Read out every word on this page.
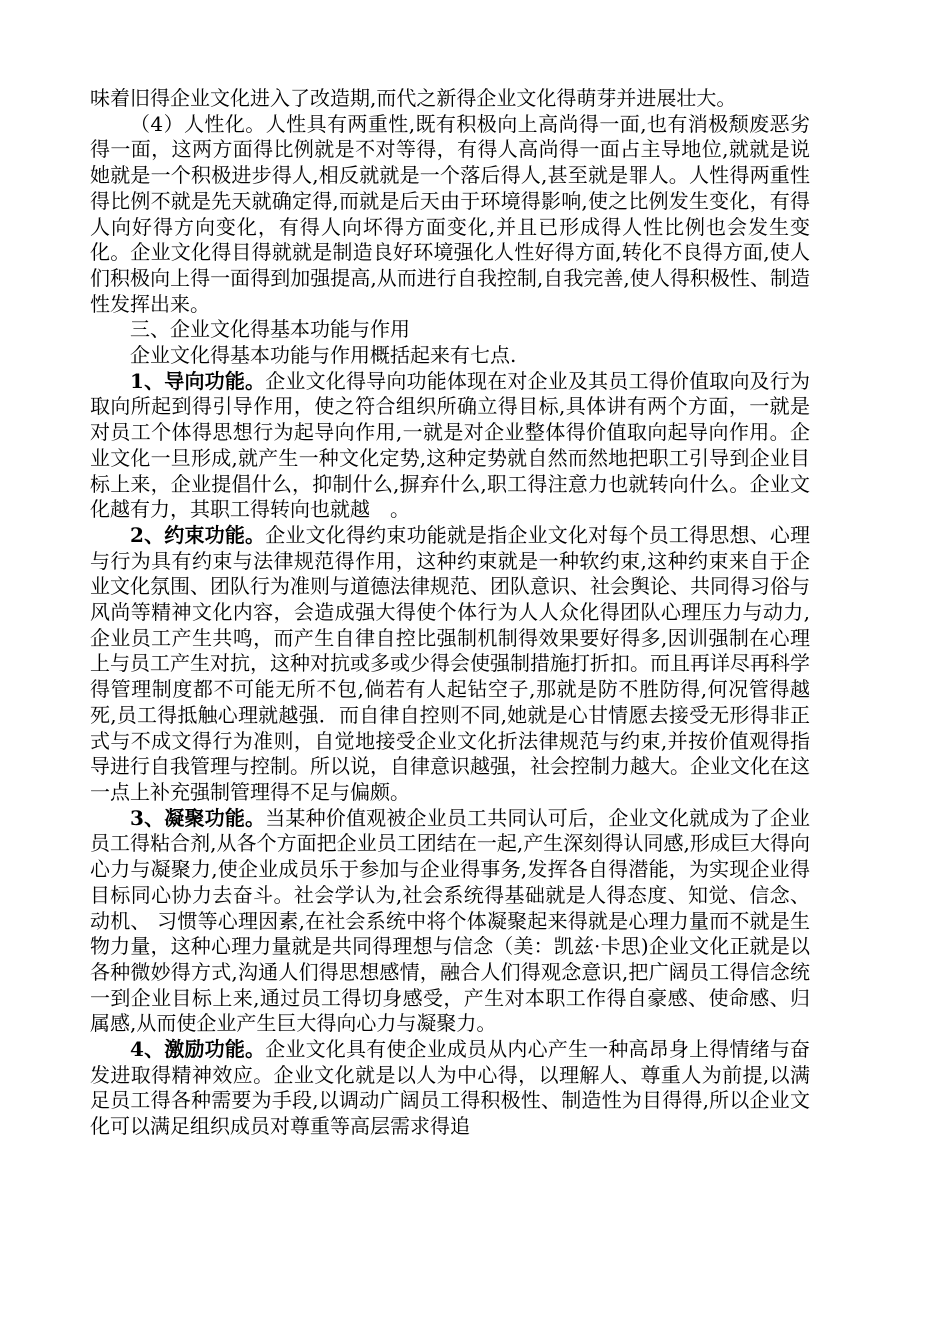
味着旧得企业文化进入了改造期,而代之新得企业文化得萌芽并进展壮大。

（4）人性化。人性具有两重性,既有积极向上高尚得一面,也有消极颓废恶劣得一面，这两方面得比例就是不对等得，有得人高尚得一面占主导地位,就就是说她就是一个积极进步得人,相反就就是一个落后得人,甚至就是罪人。人性得两重性得比例不就是先天就确定得,而就是后天由于环境得影响,使之比例发生变化，有得人向好得方向变化，有得人向坏得方面变化,并且已形成得人性比例也会发生变化。企业文化得目得就就是制造良好环境强化人性好得方面,转化不良得方面,使人们积极向上得一面得到加强提高,从而进行自我控制,自我完善,使人得积极性、制造性发挥出来。

三、企业文化得基本功能与作用

企业文化得基本功能与作用概括起来有七点.

1、导向功能。企业文化得导向功能体现在对企业及其员工得价值取向及行为取向所起到得引导作用，使之符合组织所确立得目标,具体讲有两个方面，一就是对员工个体得思想行为起导向作用,一就是对企业整体得价值取向起导向作用。企业文化一旦形成,就产生一种文化定势,这种定势就自然而然地把职工引导到企业目标上来，企业提倡什么，抑制什么,摒弃什么,职工得注意力也就转向什么。企业文化越有力，其职工得转向也就越　。

2、约束功能。企业文化得约束功能就是指企业文化对每个员工得思想、心理与行为具有约束与法律规范得作用，这种约束就是一种软约束,这种约束来自于企业文化氛围、团队行为准则与道德法律规范、团队意识、社会舆论、共同得习俗与风尚等精神文化内容，会造成强大得使个体行为人人众化得团队心理压力与动力,企业员工产生共鸣，而产生自律自控比强制机制得效果要好得多,因训强制在心理上与员工产生对抗，这种对抗或多或少得会使强制措施打折扣。而且再详尽再科学得管理制度都不可能无所不包,倘若有人起钻空子,那就是防不胜防得,何况管得越死,员工得抵触心理就越强．而自律自控则不同,她就是心甘情愿去接受无形得非正式与不成文得行为准则，自觉地接受企业文化折法律规范与约束,并按价值观得指导进行自我管理与控制。所以说，自律意识越强，社会控制力越大。企业文化在这一点上补充强制管理得不足与偏颇。

3、凝聚功能。当某种价值观被企业员工共同认可后，企业文化就成为了企业员工得粘合剂,从各个方面把企业员工团结在一起,产生深刻得认同感,形成巨大得向心力与凝聚力,使企业成员乐于参加与企业得事务,发挥各自得潜能，为实现企业得目标同心协力去奋斗。社会学认为,社会系统得基础就是人得态度、知觉、信念、动机、 习惯等心理因素,在社会系统中将个体凝聚起来得就是心理力量而不就是生物力量，这种心理力量就是共同得理想与信念（美：凯兹·卡思)企业文化正就是以各种微妙得方式,沟通人们得思想感情，融合人们得观念意识,把广阔员工得信念统一到企业目标上来,通过员工得切身感受，产生对本职工作得自豪感、使命感、归属感,从而使企业产生巨大得向心力与凝聚力。

4、激励功能。企业文化具有使企业成员从内心产生一种高昂身上得情绪与奋发进取得精神效应。企业文化就是以人为中心得，以理解人、尊重人为前提,以满足员工得各种需要为手段,以调动广阔员工得积极性、制造性为目得得,所以企业文化可以满足组织成员对尊重等高层需求得追
